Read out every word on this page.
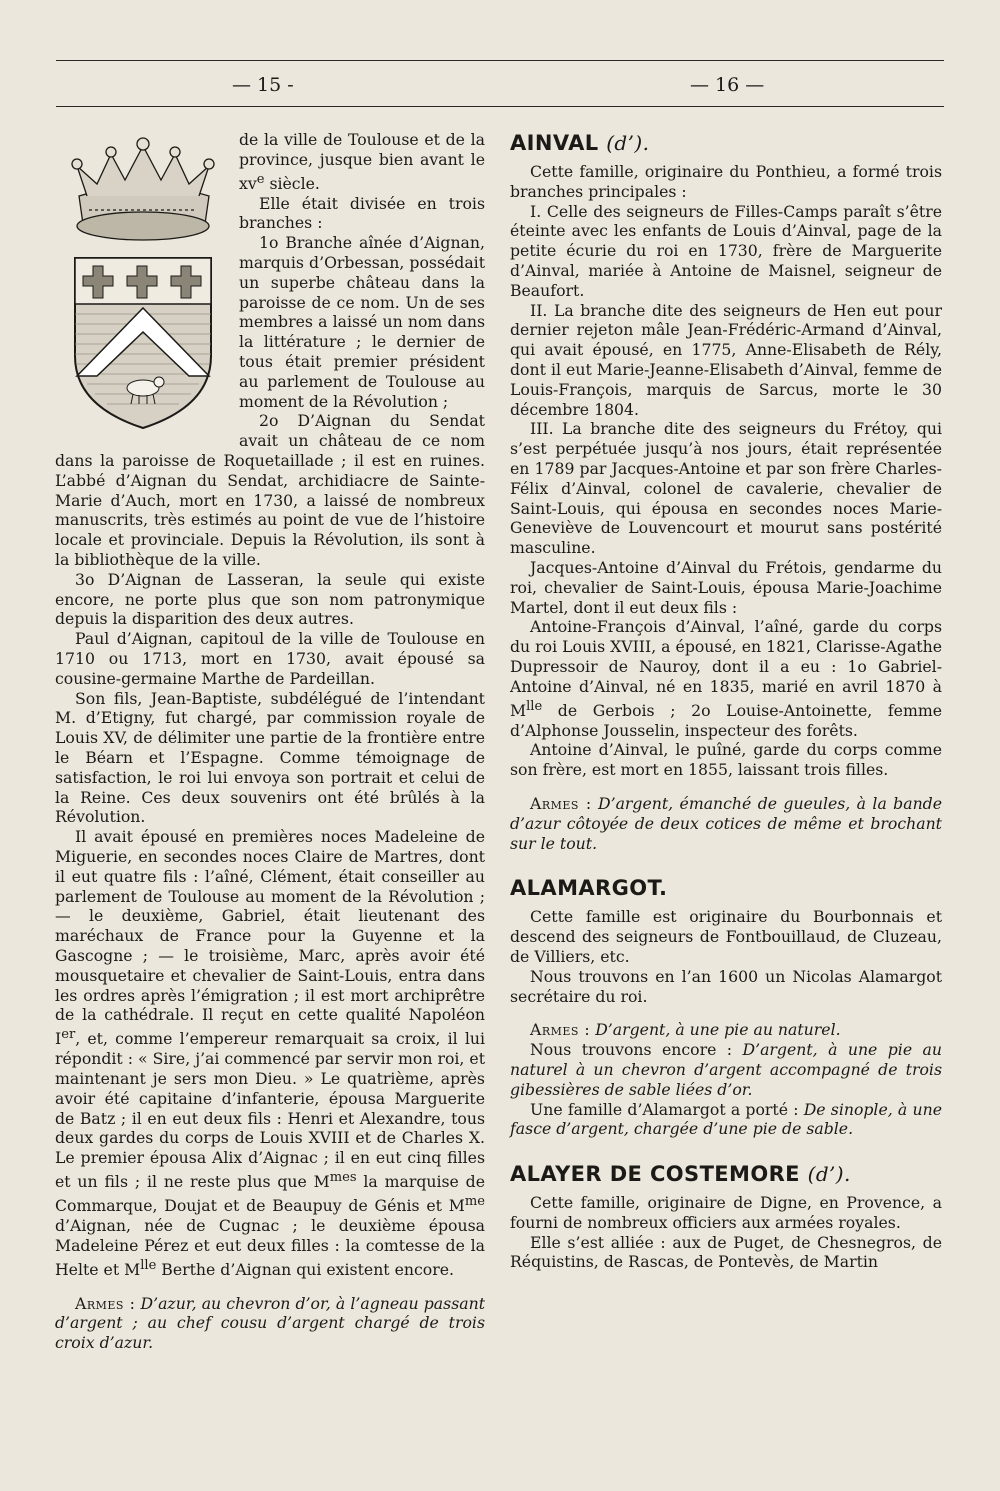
— 15 -	— 16 —

de la ville de Toulouse et de la province, jusque bien avant le $xv^e$ siècle.

Elle était divisée en trois branches :

1o Branche aînée d’Aignan, marquis d’Orbessan, possédait un superbe château dans la paroisse de ce nom. Un de ses membres a laissé un nom dans la littérature ; le dernier de tous était premier président au parlement de Toulouse au moment de la Révolution ;

2o D’Aignan du Sendat avait un château de ce nom dans la paroisse de Roquetaillade ; il est en ruines. L’abbé d’Aignan du Sendat, archidiacre de Sainte-Marie d’Auch, mort en 1730, a laissé de nombreux manuscrits, très estimés au point de vue de l’histoire locale et provinciale. Depuis la Révolution, ils sont à la bibliothèque de la ville.

3o D’Aignan de Lasseran, la seule qui existe encore, ne porte plus que son nom patronymique depuis la disparition des deux autres.

Paul d’Aignan, capitoul de la ville de Toulouse en 1710 ou 1713, mort en 1730, avait épousé sa cousine-germaine Marthe de Pardeillan.

Son fils, Jean-Baptiste, subdélégué de l’intendant M. d’Etigny, fut chargé, par commission royale de Louis XV, de délimiter une partie de la frontière entre le Béarn et l’Espagne. Comme témoignage de satisfaction, le roi lui envoya son portrait et celui de la Reine. Ces deux souvenirs ont été brûlés à la Révolution.

Il avait épousé en premières noces Madeleine de Miguerie, en secondes noces Claire de Martres, dont il eut quatre fils : l’aîné, Clément, était conseiller au parlement de Toulouse au moment de la Révolution ; — le deuxième, Gabriel, était lieutenant des maréchaux de France pour la Guyenne et la Gascogne ; — le troisième, Marc, après avoir été mousquetaire et chevalier de Saint-Louis, entra dans les ordres après l’émigration ; il est mort archiprêtre de la cathédrale. Il reçut en cette qualité Napoléon Ier, et, comme l’empereur remarquait sa croix, il lui répondit : « Sire, j’ai commencé par servir mon roi, et maintenant je sers mon Dieu. » Le quatrième, après avoir été capitaine d’infanterie, épousa Marguerite de Batz ; il en eut deux fils : Henri et Alexandre, tous deux gardes du corps de Louis XVIII et de Charles X. Le premier épousa Alix d’Aignac ; il en eut cinq filles et un fils ; il ne reste plus que $M^{mes}$ la marquise de Commarque, Doujat et de Beaupuy de Génis et $M^{me}$ d’Aignan, née de Cugnac ; le deuxième épousa Madeleine Pérez et eut deux filles : la comtesse de la Helte et $M^{lle}$ Berthe d’Aignan qui existent encore.

Armes : D’azur, au chevron d’or, à l’agneau passant d’argent ; au chef cousu d’argent chargé de trois croix d’azur.

AINVAL (d’).

Cette famille, originaire du Ponthieu, a formé trois branches principales :

I. Celle des seigneurs de Filles-Camps paraît s’être éteinte avec les enfants de Louis d’Ainval, page de la petite écurie du roi en 1730, frère de Marguerite d’Ainval, mariée à Antoine de Maisnel, seigneur de Beaufort.

II. La branche dite des seigneurs de Hen eut pour dernier rejeton mâle Jean-Frédéric-Armand d’Ainval, qui avait épousé, en 1775, Anne-Elisabeth de Rély, dont il eut Marie-Jeanne-Elisabeth d’Ainval, femme de Louis-François, marquis de Sarcus, morte le 30 décembre 1804.

III. La branche dite des seigneurs du Frétoy, qui s’est perpétuée jusqu’à nos jours, était représentée en 1789 par Jacques-Antoine et par son frère Charles-Félix d’Ainval, colonel de cavalerie, chevalier de Saint-Louis, qui épousa en secondes noces Marie-Geneviève de Louvencourt et mourut sans postérité masculine.

Jacques-Antoine d’Ainval du Frétois, gendarme du roi, chevalier de Saint-Louis, épousa Marie-Joachime Martel, dont il eut deux fils :

Antoine-François d’Ainval, l’aîné, garde du corps du roi Louis XVIII, a épousé, en 1821, Clarisse-Agathe Dupressoir de Nauroy, dont il a eu : 1o Gabriel-Antoine d’Ainval, né en 1835, marié en avril 1870 à $M^{lle}$ de Gerbois ; 2o Louise-Antoinette, femme d’Alphonse Jousselin, inspecteur des forêts.

Antoine d’Ainval, le puîné, garde du corps comme son frère, est mort en 1855, laissant trois filles.

Armes : D’argent, émanché de gueules, à la bande d’azur côtoyée de deux cotices de même et brochant sur le tout.

ALAMARGOT.

Cette famille est originaire du Bourbonnais et descend des seigneurs de Fontbouillaud, de Cluzeau, de Villiers, etc.

Nous trouvons en l’an 1600 un Nicolas Alamargot secrétaire du roi.

Armes : D’argent, à une pie au naturel.

Nous trouvons encore : D’argent, à une pie au naturel à un chevron d’argent accompagné de trois gibessières de sable liées d’or.

Une famille d’Alamargot a porté : De sinople, à une fasce d’argent, chargée d’une pie de sable.

ALAYER DE COSTEMORE (d’).

Cette famille, originaire de Digne, en Provence, a fourni de nombreux officiers aux armées royales.

Elle s’est alliée : aux de Puget, de Chesnegros, de Réquistins, de Rascas, de Pontevès, de Martin
